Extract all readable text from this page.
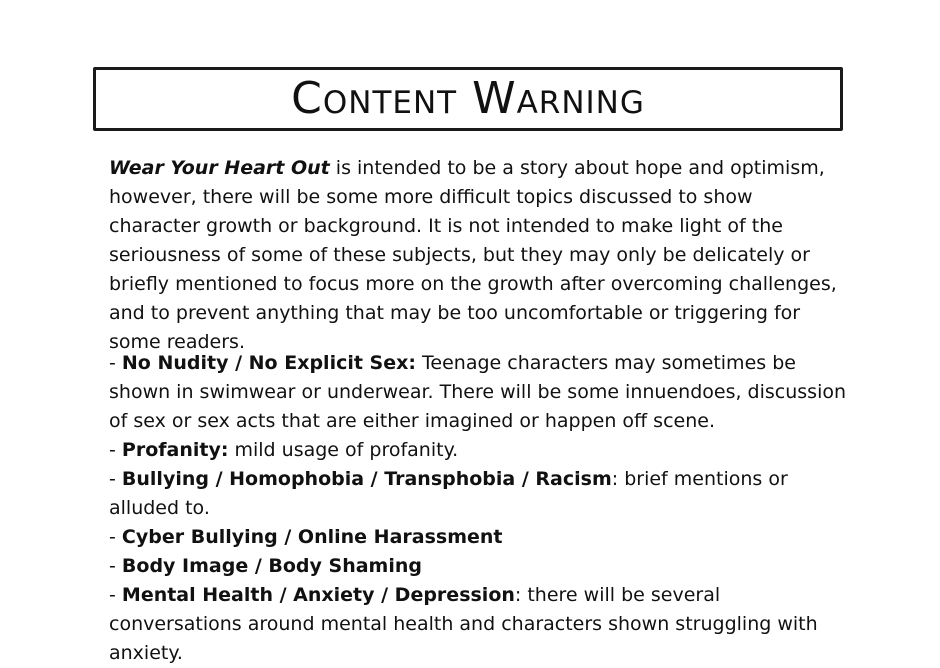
Content Warning

Wear Your Heart Out is intended to be a story about hope and optimism, however, there will be some more difficult topics discussed to show character growth or background. It is not intended to make light of the seriousness of some of these subjects, but they may only be delicately or briefly mentioned to focus more on the growth after overcoming challenges, and to prevent anything that may be too uncomfortable or triggering for some readers.

- No Nudity / No Explicit Sex: Teenage characters may sometimes be shown in swimwear or underwear. There will be some innuendoes, discussion of sex or sex acts that are either imagined or happen off scene.
- Profanity: mild usage of profanity.
- Bullying / Homophobia / Transphobia / Racism: brief mentions or alluded to.
- Cyber Bullying / Online Harassment
- Body Image / Body Shaming
- Mental Health / Anxiety / Depression: there will be several conversations around mental health and characters shown struggling with anxiety.
